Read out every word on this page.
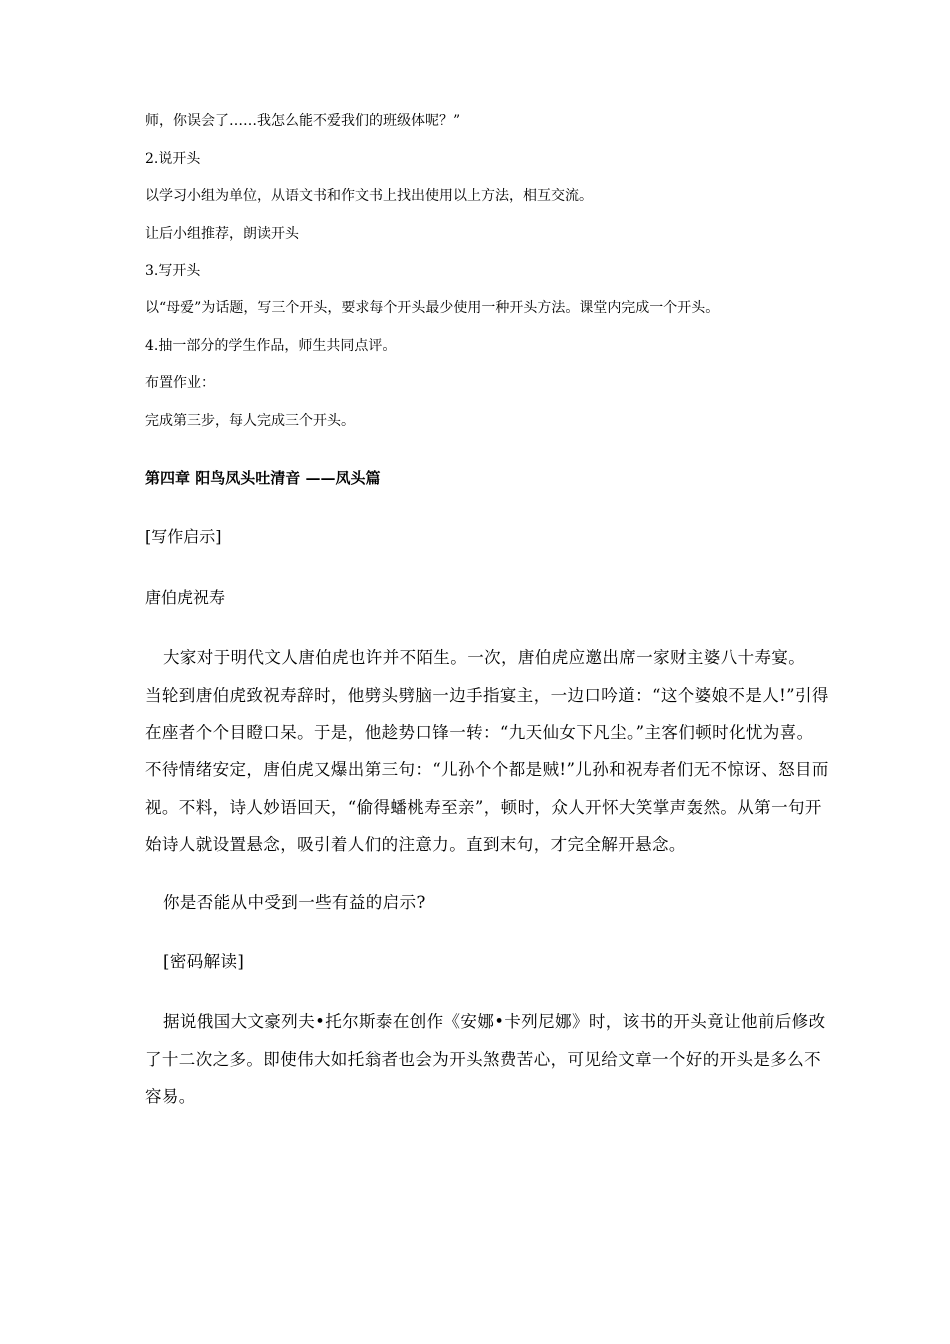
师，你误会了……我怎么能不爱我们的班级体呢？”

2.说开头

以学习小组为单位，从语文书和作文书上找出使用以上方法，相互交流。

让后小组推荐，朗读开头

3.写开头

以“母爱”为话题，写三个开头，要求每个开头最少使用一种开头方法。课堂内完成一个开头。

4.抽一部分的学生作品，师生共同点评。

布置作业：

完成第三步，每人完成三个开头。

第四章 阳鸟凤头吐清音 ——凤头篇

[写作启示]

唐伯虎祝寿

大家对于明代文人唐伯虎也许并不陌生。一次，唐伯虎应邀出席一家财主婆八十寿宴。

当轮到唐伯虎致祝寿辞时，他劈头劈脑一边手指宴主，一边口吟道：“这个婆娘不是人!”引得

在座者个个目瞪口呆。于是，他趁势口锋一转：“九天仙女下凡尘。”主客们顿时化忧为喜。

不待情绪安定，唐伯虎又爆出第三句：“儿孙个个都是贼!”儿孙和祝寿者们无不惊讶、怒目而

视。不料，诗人妙语回天，“偷得蟠桃寿至亲”，顿时，众人开怀大笑掌声轰然。从第一句开

始诗人就设置悬念，吸引着人们的注意力。直到末句，才完全解开悬念。

你是否能从中受到一些有益的启示?

[密码解读]

据说俄国大文豪列夫•托尔斯泰在创作《安娜•卡列尼娜》时，该书的开头竟让他前后修改

了十二次之多。即使伟大如托翁者也会为开头煞费苦心，可见给文章一个好的开头是多么不

容易。
